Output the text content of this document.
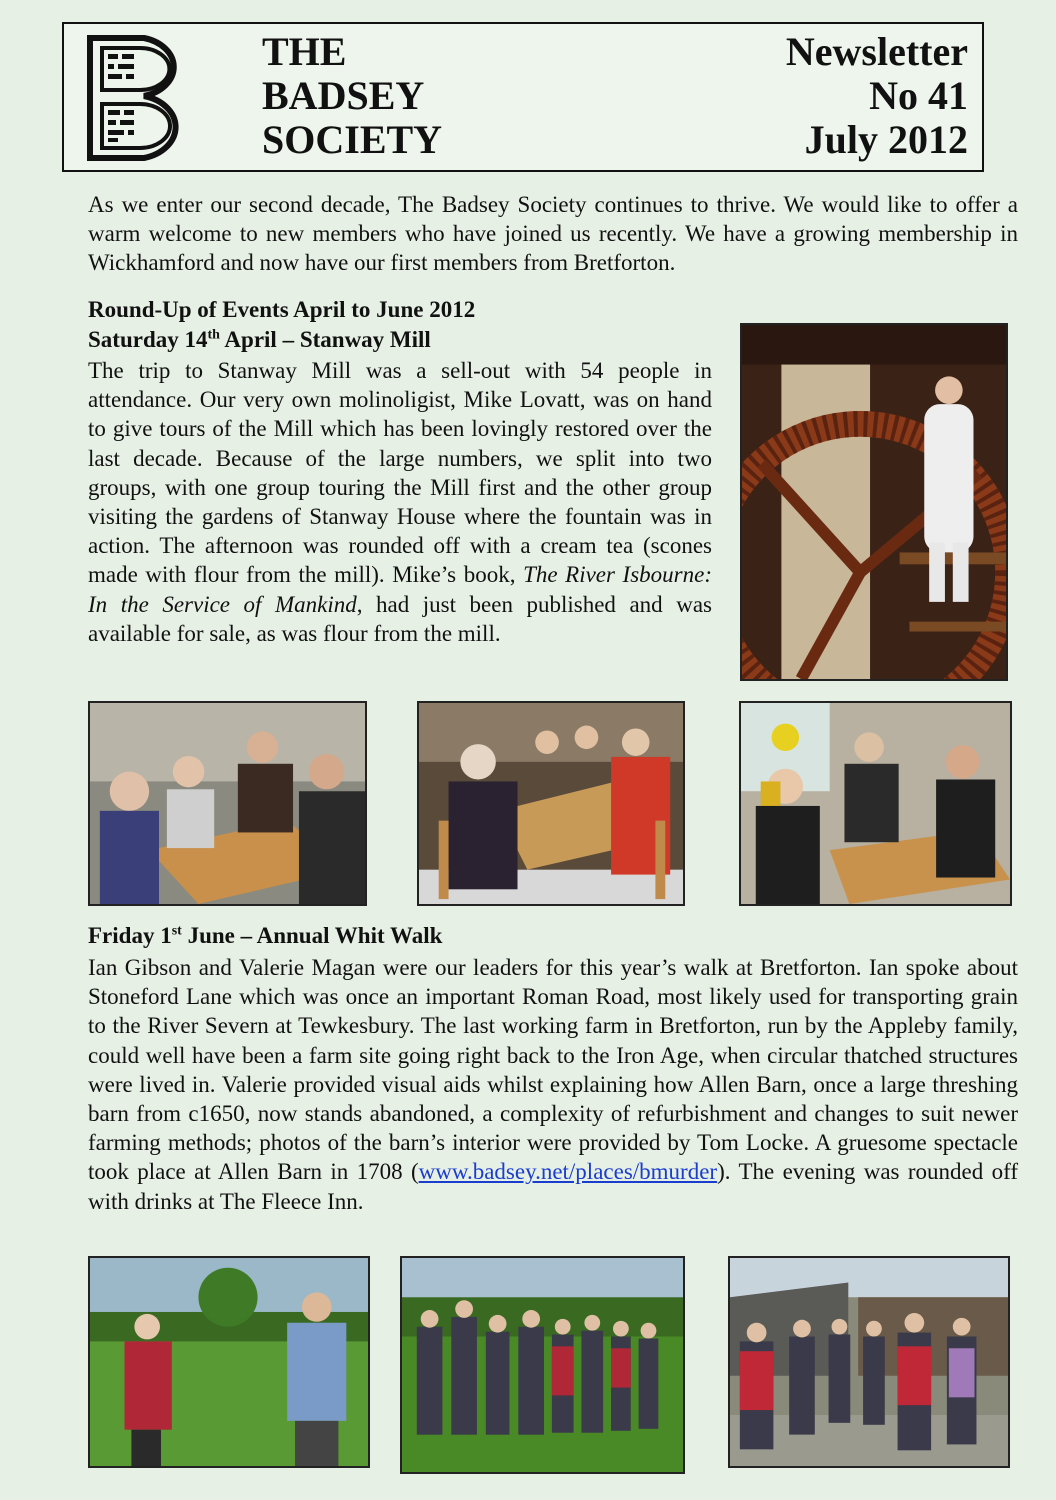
THE
BADSEY
SOCIETY
Newsletter
No 41
July 2012
As we enter our second decade, The Badsey Society continues to thrive. We would like to offer a warm welcome to new members who have joined us recently. We have a growing membership in Wickhamford and now have our first members from Bretforton.
Round-Up of Events April to June 2012
Saturday 14th April – Stanway Mill
The trip to Stanway Mill was a sell-out with 54 people in attendance. Our very own molinoligist, Mike Lovatt, was on hand to give tours of the Mill which has been lovingly restored over the last decade. Because of the large numbers, we split into two groups, with one group touring the Mill first and the other group visiting the gardens of Stanway House where the fountain was in action. The afternoon was rounded off with a cream tea (scones made with flour from the mill). Mike’s book, The River Isbourne: In the Service of Mankind, had just been published and was available for sale, as was flour from the mill.
Friday 1st June – Annual Whit Walk
Ian Gibson and Valerie Magan were our leaders for this year’s walk at Bretforton. Ian spoke about Stoneford Lane which was once an important Roman Road, most likely used for transporting grain to the River Severn at Tewkesbury. The last working farm in Bretforton, run by the Appleby family, could well have been a farm site going right back to the Iron Age, when circular thatched structures were lived in. Valerie provided visual aids whilst explaining how Allen Barn, once a large threshing barn from c1650, now stands abandoned, a complexity of refurbishment and changes to suit newer farming methods; photos of the barn’s interior were provided by Tom Locke. A gruesome spectacle took place at Allen Barn in 1708 (www.badsey.net/places/bmurder). The evening was rounded off with drinks at The Fleece Inn.
